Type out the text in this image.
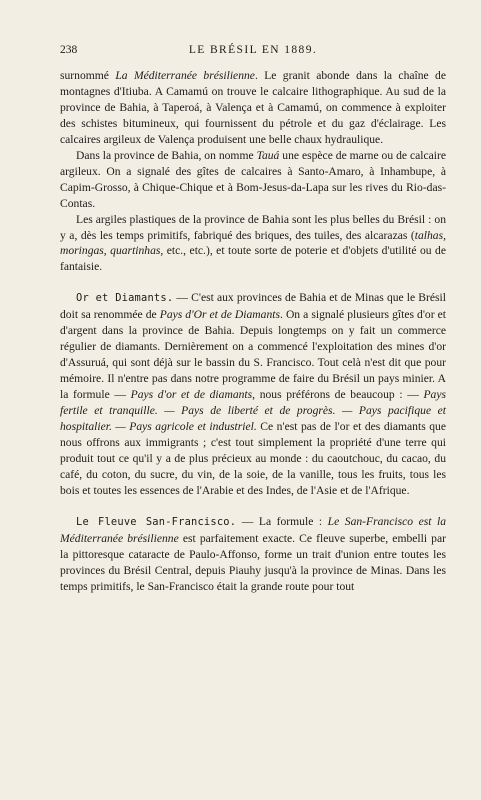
238	LE BRÉSIL EN 1889.

surnommé La Méditerranée brésilienne. Le granit abonde dans la chaîne de montagnes d'Itiuba. A Camamú on trouve le calcaire lithographique. Au sud de la province de Bahia, à Taperoá, à Valença et à Camamú, on commence à exploiter des schistes bitumineux, qui fournissent du pétrole et du gaz d'éclairage. Les calcaires argileux de Valença produisent une belle chaux hydraulique.

Dans la province de Bahia, on nomme Tauá une espèce de marne ou de calcaire argileux. On a signalé des gîtes de calcaires à Santo-Amaro, à Inhambupe, à Capim-Grosso, à Chique-Chique et à Bom-Jesus-da-Lapa sur les rives du Rio-das-Contas.

Les argiles plastiques de la province de Bahia sont les plus belles du Brésil : on y a, dès les temps primitifs, fabriqué des briques, des tuiles, des alcarazas (talhas, moringas, quartinhas, etc., etc.), et toute sorte de poterie et d'objets d'utilité ou de fantaisie.

Or et Diamants. — C'est aux provinces de Bahia et de Minas que le Brésil doit sa renommée de Pays d'Or et de Diamants. On a signalé plusieurs gîtes d'or et d'argent dans la province de Bahia. Depuis longtemps on y fait un commerce régulier de diamants. Dernièrement on a commencé l'exploitation des mines d'or d'Assuruá, qui sont déjà sur le bassin du S. Francisco. Tout celà n'est dit que pour mémoire. Il n'entre pas dans notre programme de faire du Brésil un pays minier. A la formule — Pays d'or et de diamants, nous préférons de beaucoup : — Pays fertile et tranquille. — Pays de liberté et de progrès. — Pays pacifique et hospitalier. — Pays agricole et industriel. Ce n'est pas de l'or et des diamants que nous offrons aux immigrants ; c'est tout simplement la propriété d'une terre qui produit tout ce qu'il y a de plus précieux au monde : du caoutchouc, du cacao, du café, du coton, du sucre, du vin, de la soie, de la vanille, tous les fruits, tous les bois et toutes les essences de l'Arabie et des Indes, de l'Asie et de l'Afrique.

Le Fleuve San-Francisco. — La formule : Le San-Francisco est la Méditerranée brésilienne est parfaitement exacte. Ce fleuve superbe, embelli par la pittoresque cataracte de Paulo-Affonso, forme un trait d'union entre toutes les provinces du Brésil Central, depuis Piauhy jusqu'à la province de Minas. Dans les temps primitifs, le San-Francisco était la grande route pour tout
